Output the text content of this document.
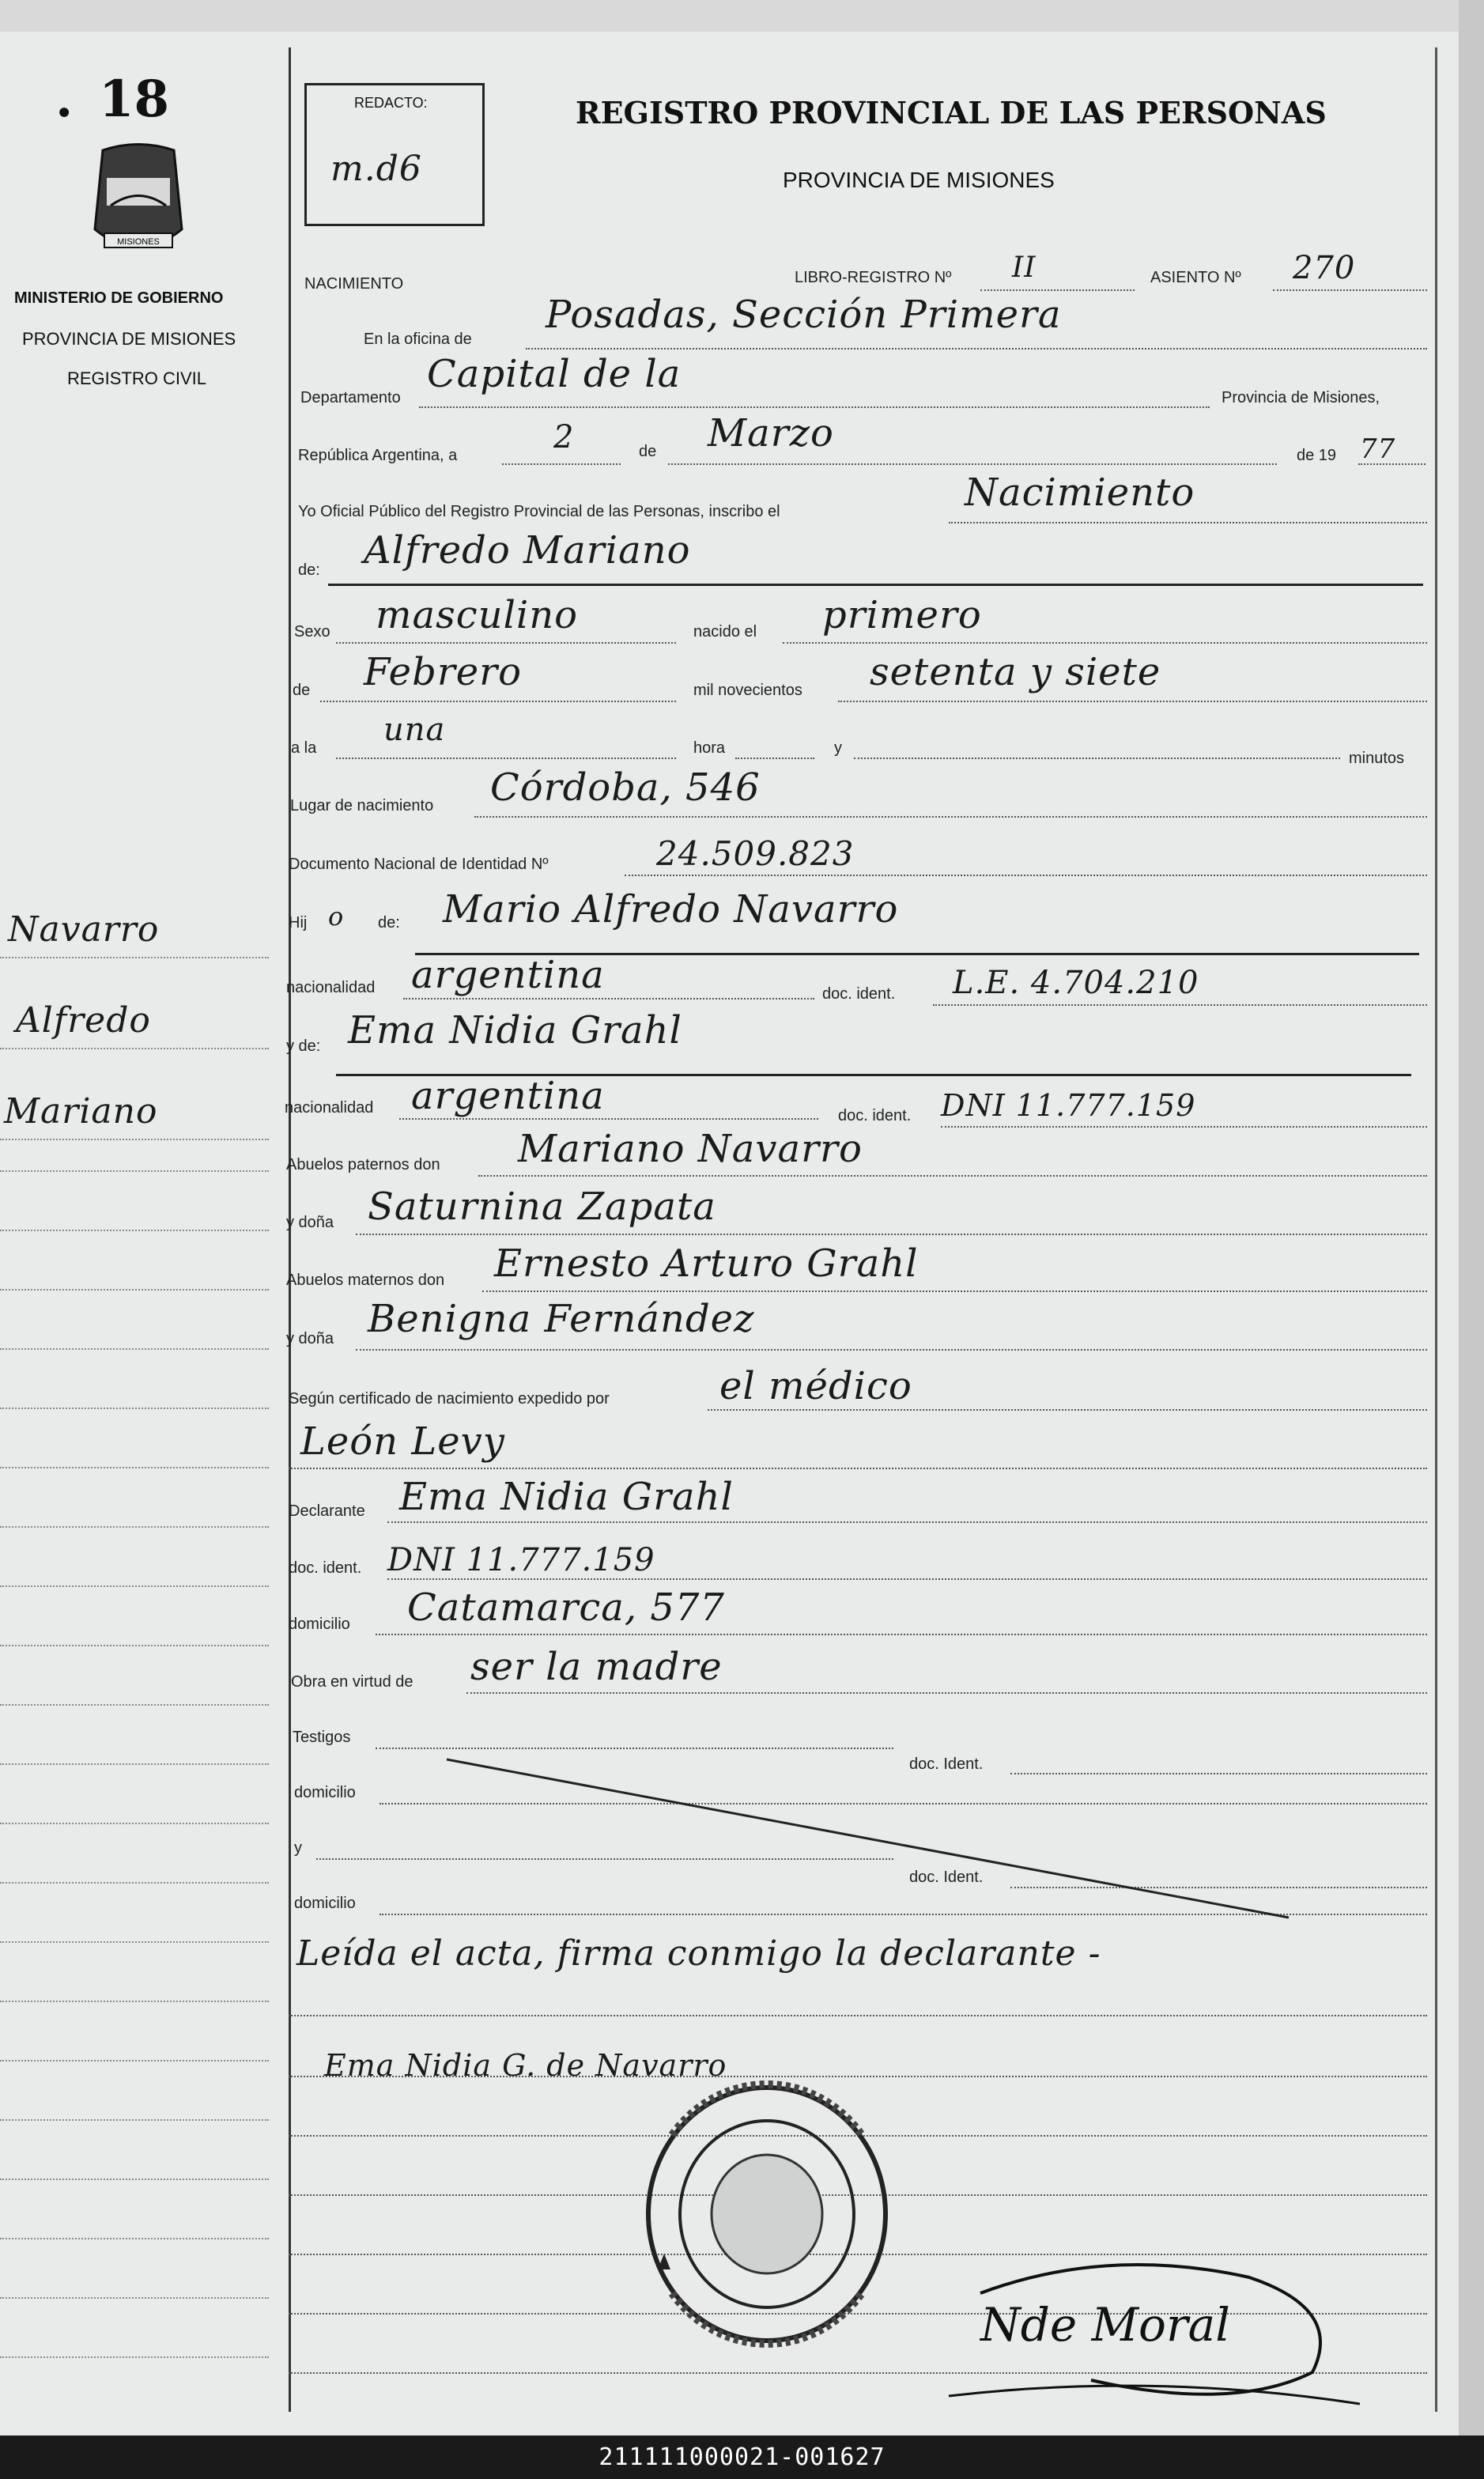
. 18
MISIONES
MINISTERIO DE GOBIERNO
PROVINCIA DE MISIONES
REGISTRO CIVIL
REDACTO:
m.d6
REGISTRO PROVINCIAL DE LAS PERSONAS
PROVINCIA DE MISIONES
NACIMIENTO	LIBRO-REGISTRO Nº II	ASIENTO Nº 270
En la oficina de
Posadas, Sección Primera
Departamento
Capital de la
Provincia de Misiones,
República Argentina, a	2	de Marzo	de 19 77
Yo Oficial Público del Registro Provincial de las Personas, inscribo el	Nacimiento
de: Alfredo Mariano
Sexo masculino	nacido el primero
de Febrero	mil novecientos setenta y siete
a la una	hora	y
minutos
Lugar de nacimiento Córdoba, 546
Documento Nacional de Identidad Nº	24.509.823
Hij o de: Mario Alfredo Navarro
nacionalidad argentina	doc. ident. L.E. 4.704.210
y de: Ema Nidia Grahl
nacionalidad argentina	doc. ident. DNI 11.777.159
Abuelos paternos don Mariano Navarro
y doña Saturnina Zapata
Abuelos maternos don Ernesto Arturo Grahl
y doña Benigna Fernández
Según certificado de nacimiento expedido por	el médico
León Levy
Declarante Ema Nidia Grahl
doc. ident. DNI 11.777.159
domicilio Catamarca, 577
Obra en virtud de ser la madre
Testigos
doc. Ident.
domicilio
y
doc. Ident.
domicilio
Leída el acta, firma conmigo la declarante -
Ema Nidia G. de Navarro
Nde Moral
Navarro
Alfredo
Mariano
211111000021-001627
